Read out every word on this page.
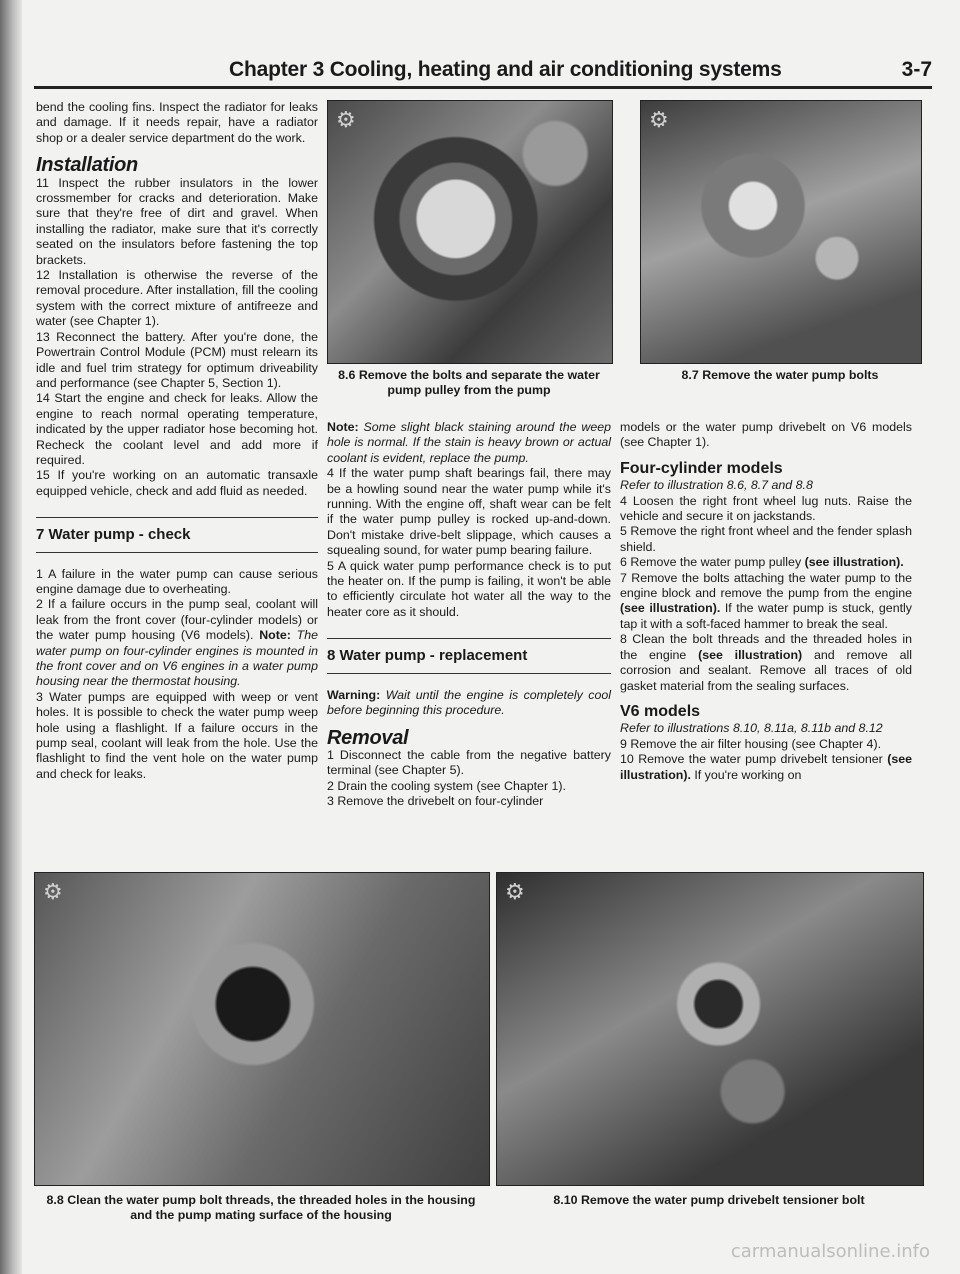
Chapter 3 Cooling, heating and air conditioning systems	3-7

bend the cooling fins. Inspect the radiator for leaks and damage. If it needs repair, have a radiator shop or a dealer service department do the work.

Installation

11 Inspect the rubber insulators in the lower crossmember for cracks and deterioration. Make sure that they're free of dirt and gravel. When installing the radiator, make sure that it's correctly seated on the insulators before fastening the top brackets.

12 Installation is otherwise the reverse of the removal procedure. After installation, fill the cooling system with the correct mixture of antifreeze and water (see Chapter 1).

13 Reconnect the battery. After you're done, the Powertrain Control Module (PCM) must relearn its idle and fuel trim strategy for optimum driveability and performance (see Chapter 5, Section 1).

14 Start the engine and check for leaks. Allow the engine to reach normal operating temperature, indicated by the upper radiator hose becoming hot. Recheck the coolant level and add more if required.

15 If you're working on an automatic transaxle equipped vehicle, check and add fluid as needed.

7 Water pump - check

1 A failure in the water pump can cause serious engine damage due to overheating.

2 If a failure occurs in the pump seal, coolant will leak from the front cover (four-cylinder models) or the water pump housing (V6 models). Note: The water pump on four-cylinder engines is mounted in the front cover and on V6 engines in a water pump housing near the thermostat housing.

3 Water pumps are equipped with weep or vent holes. It is possible to check the water pump weep hole using a flashlight. If a failure occurs in the pump seal, coolant will leak from the hole. Use the flashlight to find the vent hole on the water pump and check for leaks.

⚙
8.6 Remove the bolts and separate the water pump pulley from the pump
⚙
8.7 Remove the water pump bolts

Note: Some slight black staining around the weep hole is normal. If the stain is heavy brown or actual coolant is evident, replace the pump.

4 If the water pump shaft bearings fail, there may be a howling sound near the water pump while it's running. With the engine off, shaft wear can be felt if the water pump pulley is rocked up-and-down. Don't mistake drive-belt slippage, which causes a squealing sound, for water pump bearing failure.

5 A quick water pump performance check is to put the heater on. If the pump is failing, it won't be able to efficiently circulate hot water all the way to the heater core as it should.

8 Water pump - replacement

Warning: Wait until the engine is completely cool before beginning this procedure.

Removal

1 Disconnect the cable from the negative battery terminal (see Chapter 5).

2 Drain the cooling system (see Chapter 1).

3 Remove the drivebelt on four-cylinder

models or the water pump drivebelt on V6 models (see Chapter 1).

Four-cylinder models

Refer to illustration 8.6, 8.7 and 8.8

4 Loosen the right front wheel lug nuts. Raise the vehicle and secure it on jackstands.

5 Remove the right front wheel and the fender splash shield.

6 Remove the water pump pulley (see illustration).

7 Remove the bolts attaching the water pump to the engine block and remove the pump from the engine (see illustration). If the water pump is stuck, gently tap it with a soft-faced hammer to break the seal.

8 Clean the bolt threads and the threaded holes in the engine (see illustration) and remove all corrosion and sealant. Remove all traces of old gasket material from the sealing surfaces.

V6 models

Refer to illustrations 8.10, 8.11a, 8.11b and 8.12

9 Remove the air filter housing (see Chapter 4).

10 Remove the water pump drivebelt tensioner (see illustration). If you're working on

⚙
8.8 Clean the water pump bolt threads, the threaded holes in the housing and the pump mating surface of the housing
⚙
8.10 Remove the water pump drivebelt tensioner bolt
carmanualsonline.info
